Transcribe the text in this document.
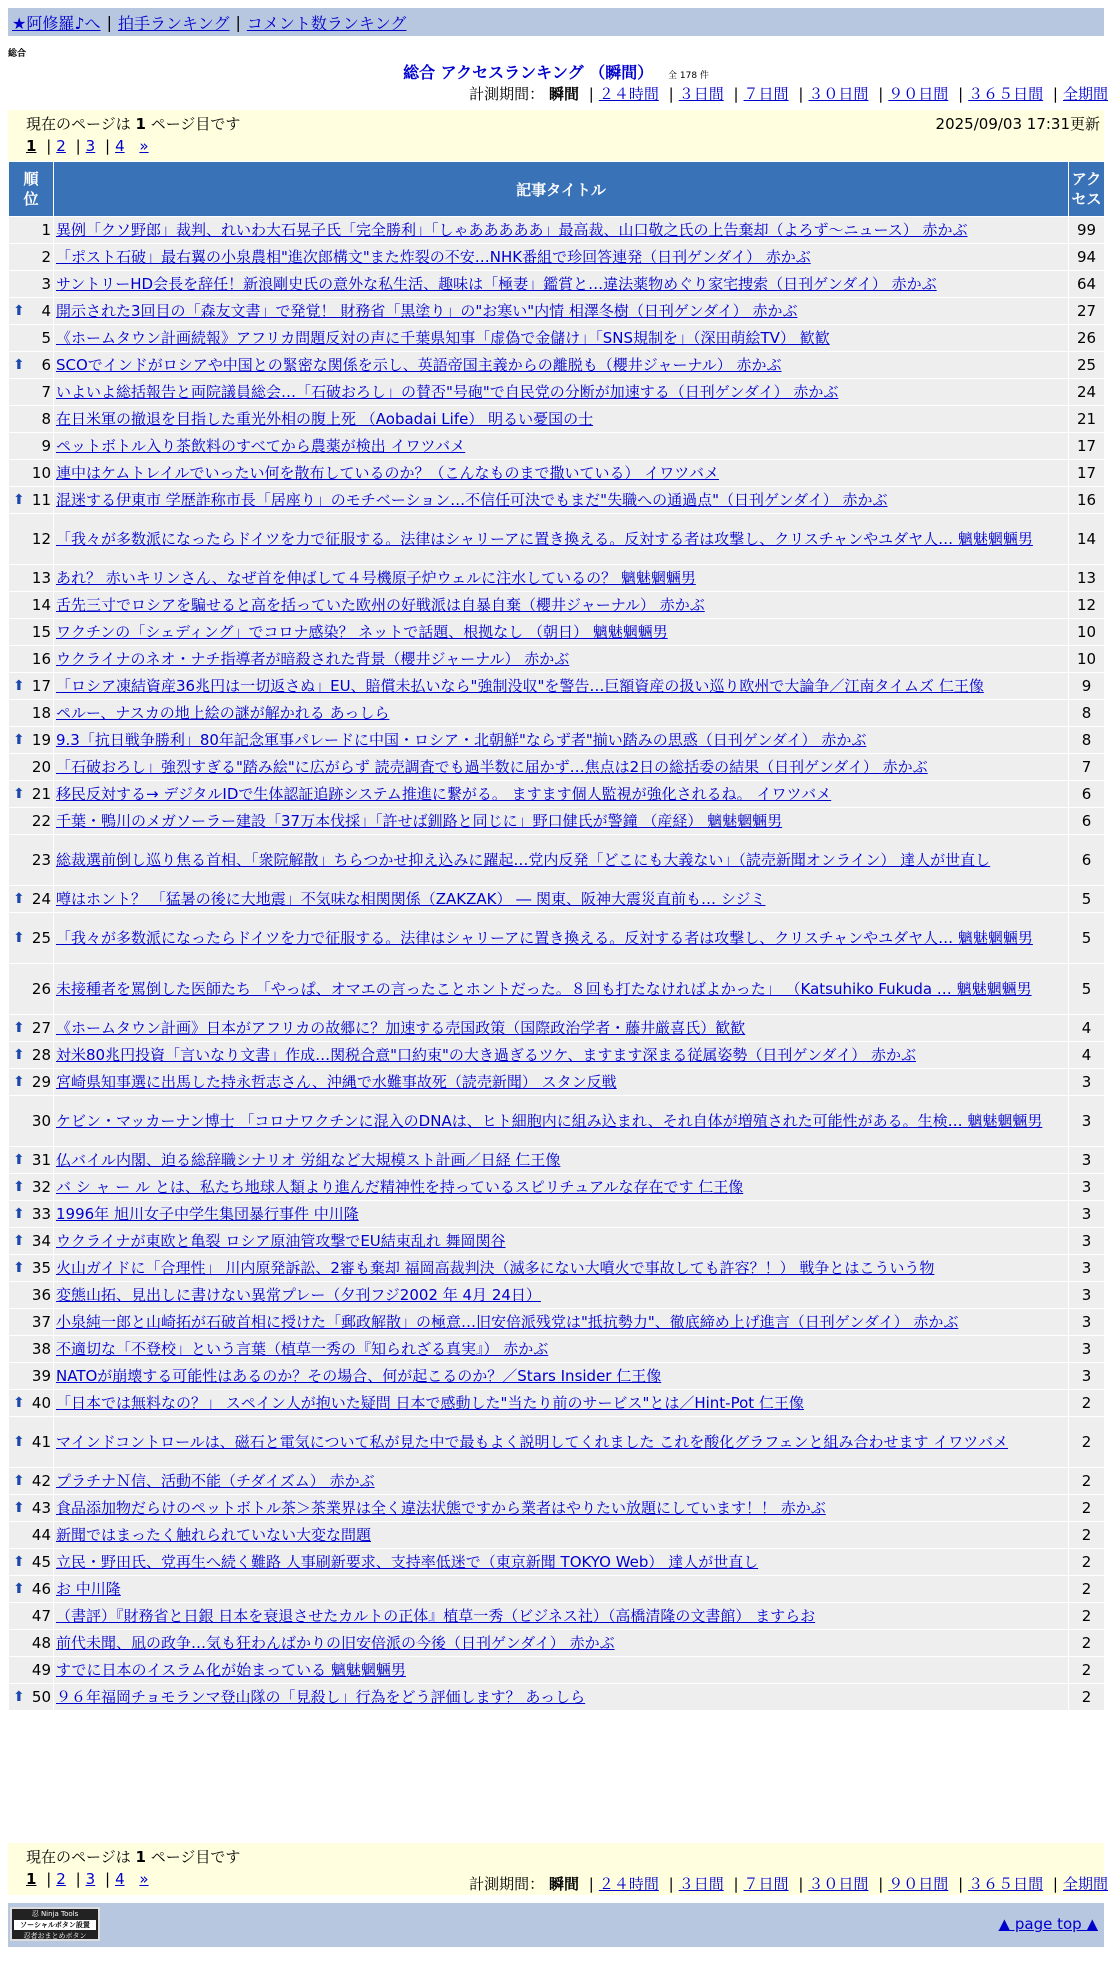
★阿修羅♪へ | 拍手ランキング | コメント数ランキング
総合
総合 アクセスランキング （瞬間） 全 178 件
計測期間： 瞬間 | ２４時間 | ３日間 | ７日間 | ３０日間 | ９０日間 | ３６５日間 | 全期間
現在のページは 1 ページ目です	2025/09/03 17:31更新
1 | 2 | 3 | 4 »
順位	記事タイトル	アクセス

1	異例「クソ野郎」裁判、れいわ大石晃子氏「完全勝利」「しゃあああああ」最高裁、山口敬之氏の上告棄却（よろず〜ニュース） 赤かぶ	99
2	「ポスト石破」最右翼の小泉農相"進次郎構文"また炸裂の不安…NHK番組で珍回答連発（日刊ゲンダイ） 赤かぶ	94
3	サントリーHD会長を辞任！新浪剛史氏の意外な私生活、趣味は「極妻」鑑賞と…違法薬物めぐり家宅捜索（日刊ゲンダイ） 赤かぶ	64

⬆ 4	開示された3回目の「森友文書」で発覚！ 財務省「黒塗り」の"お寒い"内情 相澤冬樹（日刊ゲンダイ） 赤かぶ	27
5	《ホームタウン計画続報》アフリカ問題反対の声に千葉県知事「虚偽で金儲け」「SNS規制を」（深田萌絵TV） 歓歓	26

⬆ 6	SCOでインドがロシアや中国との緊密な関係を示し、英語帝国主義からの離脱も（櫻井ジャーナル） 赤かぶ	25
7	いよいよ総括報告と両院議員総会…「石破おろし」の賛否"号砲"で自民党の分断が加速する（日刊ゲンダイ） 赤かぶ	24
8	在日米軍の撤退を目指した重光外相の腹上死 （Aobadai Life） 明るい憂国の士	21
9	ペットボトル入り茶飲料のすべてから農薬が検出 イワツバメ	17
10	連中はケムトレイルでいったい何を散布しているのか？（こんなものまで撒いている） イワツバメ	17

⬆ 11	混迷する伊東市 学歴詐称市長「居座り」のモチベーション…不信任可決でもまだ"失職への通過点"（日刊ゲンダイ） 赤かぶ	16
12	「我々が多数派になったらドイツを力で征服する。法律はシャリーアに置き換える。反対する者は攻撃し、クリスチャンやユダヤ人… 魑魅魍魎男	14
13	あれ？ 赤いキリンさん、なぜ首を伸ばして４号機原子炉ウェルに注水しているの？ 魑魅魍魎男	13
14	舌先三寸でロシアを騙せると高を括っていた欧州の好戦派は自暴自棄（櫻井ジャーナル） 赤かぶ	12
15	ワクチンの「シェディング」でコロナ感染？ ネットで話題、根拠なし （朝日） 魑魅魍魎男	10
16	ウクライナのネオ・ナチ指導者が暗殺された背景（櫻井ジャーナル） 赤かぶ	10

⬆ 17	「ロシア凍結資産36兆円は一切返さぬ」EU、賠償未払いなら"強制没収"を警告…巨額資産の扱い巡り欧州で大論争／江南タイムズ 仁王像	9
18	ペルー、ナスカの地上絵の謎が解かれる あっしら	8

⬆ 19	9.3「抗日戦争勝利」80年記念軍事パレードに中国・ロシア・北朝鮮"ならず者"揃い踏みの思惑（日刊ゲンダイ） 赤かぶ	8
20	「石破おろし」強烈すぎる"踏み絵"に広がらず 読売調査でも過半数に届かず…焦点は2日の総括委の結果（日刊ゲンダイ） 赤かぶ	7

⬆ 21	移民反対する→ デジタルIDで生体認証追跡システム推進に繋がる。 ますます個人監視が強化されるね。 イワツバメ	6
22	千葉・鴨川のメガソーラー建設「37万本伐採」「許せば釧路と同じに」野口健氏が警鐘 （産経） 魑魅魍魎男	6
23	総裁選前倒し巡り焦る首相、「衆院解散」ちらつかせ抑え込みに躍起…党内反発「どこにも大義ない」（読売新聞オンライン） 達人が世直し	6

⬆ 24	噂はホント？ 「猛暑の後に大地震」不気味な相関関係（ZAKZAK） ― 関東、阪神大震災直前も… シジミ	5

⬆ 25	「我々が多数派になったらドイツを力で征服する。法律はシャリーアに置き換える。反対する者は攻撃し、クリスチャンやユダヤ人… 魑魅魍魎男	5
26	未接種者を罵倒した医師たち 「やっぱ、オマエの言ったことホントだった。８回も打たなければよかった」 （Katsuhiko Fukuda … 魑魅魍魎男	5

⬆ 27	《ホームタウン計画》日本がアフリカの故郷に？加速する売国政策（国際政治学者・藤井厳喜氏）歓歓	4

⬆ 28	対米80兆円投資「言いなり文書」作成…関税合意"口約束"の大き過ぎるツケ、ますます深まる従属姿勢（日刊ゲンダイ） 赤かぶ	4

⬆ 29	宮崎県知事選に出馬した持永哲志さん、沖縄で水難事故死（読売新聞） スタン反戦	3
30	ケビン・マッカーナン博士 「コロナワクチンに混入のDNAは、ヒト細胞内に組み込まれ、それ自体が増殖された可能性がある。生検… 魑魅魍魎男	3

⬆ 31	仏バイル内閣、迫る総辞職シナリオ 労組など大規模スト計画／日経 仁王像	3

⬆ 32	バ シ ャ ー ル とは、私たち地球人類より進んだ精神性を持っているスピリチュアルな存在です 仁王像	3

⬆ 33	1996年 旭川女子中学生集団暴行事件 中川隆	3

⬆ 34	ウクライナが東欧と亀裂 ロシア原油管攻撃でEU結束乱れ 舞岡関谷	3

⬆ 35	火山ガイドに「合理性」 川内原発訴訟、2審も棄却 福岡高裁判決（滅多にない大噴火で事故しても許容？！） 戦争とはこういう物	3
36	変態山拓、見出しに書けない異常プレー（夕刊フジ2002 年 4月 24日）	3
37	小泉純一郎と山崎拓が石破首相に授けた「郵政解散」の極意…旧安倍派残党は"抵抗勢力"、徹底締め上げ進言（日刊ゲンダイ） 赤かぶ	3
38	不適切な「不登校」という言葉（植草一秀の『知られざる真実』） 赤かぶ	3
39	NATOが崩壊する可能性はあるのか？その場合、何が起こるのか？／Stars Insider 仁王像	3

⬆ 40	「日本では無料なの？」 スペイン人が抱いた疑問 日本で感動した"当たり前のサービス"とは／Hint-Pot 仁王像	2

⬆ 41	マインドコントロールは、磁石と電気について私が見た中で最もよく説明してくれました これを酸化グラフェンと組み合わせます イワツバメ	2

⬆ 42	プラチナＮ信、活動不能（チダイズム） 赤かぶ	2

⬆ 43	食品添加物だらけのペットボトル茶＞茶業界は全く違法状態ですから業者はやりたい放題にしています！！ 赤かぶ	2
44	新聞ではまったく触れられていない大変な問題	2

⬆ 45	立民・野田氏、党再生へ続く難路 人事刷新要求、支持率低迷で（東京新聞 TOKYO Web） 達人が世直し	2

⬆ 46	お 中川隆	2
47	（書評）『財務省と日銀 日本を衰退させたカルトの正体』植草一秀（ビジネス社）（高橋清隆の文書館） ますらお	2
48	前代未聞、凪の政争…気も狂わんばかりの旧安倍派の今後（日刊ゲンダイ） 赤かぶ	2
49	すでに日本のイスラム化が始まっている 魑魅魍魎男	2

⬆ 50	９６年福岡チョモランマ登山隊の「見殺し」行為をどう評価します？ あっしら	2
現在のページは 1 ページ目です
1 | 2 | 3 | 4 »	計測期間： 瞬間 | ２４時間 | ３日間 | ７日間 | ３０日間 | ９０日間 | ３６５日間 | 全期間
忍 Ninja Tools
ソーシャルボタン設置
忍者おまとめボタン
▲ page top ▲
